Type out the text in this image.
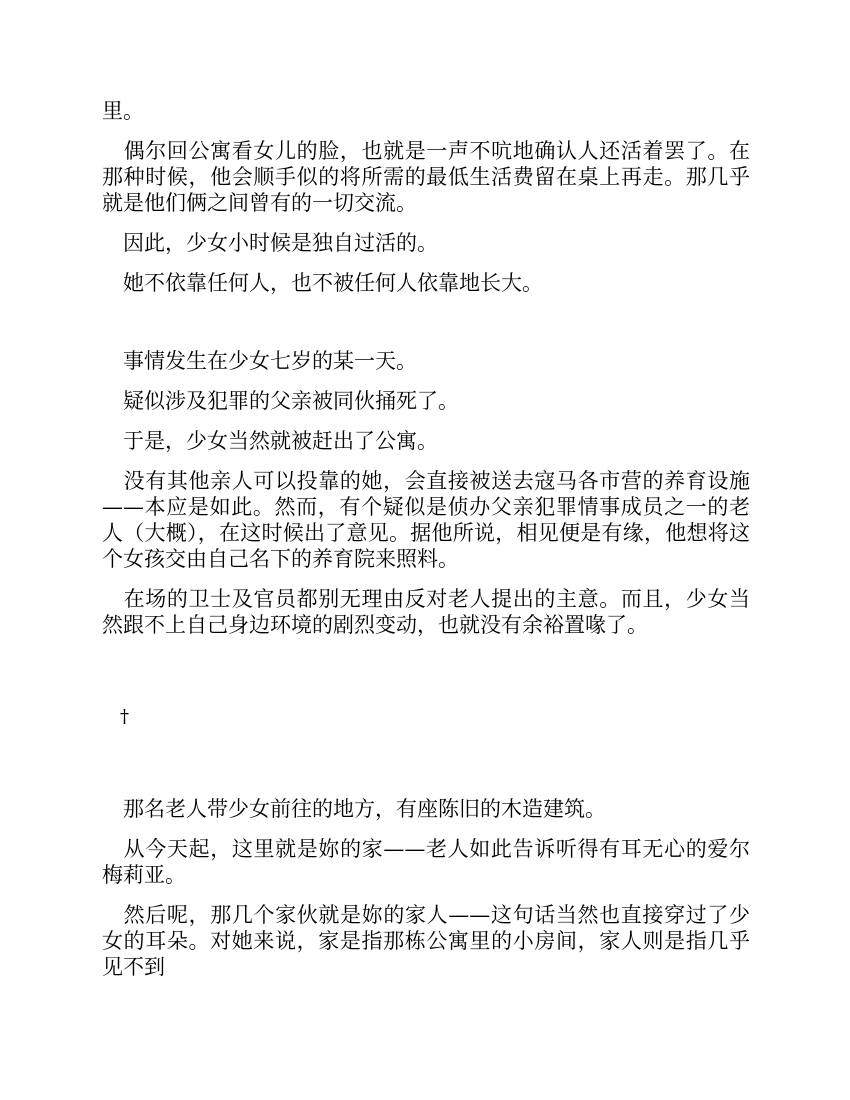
里。

　偶尔回公寓看女儿的脸，也就是一声不吭地确认人还活着罢了。在那种时候，他会顺手似的将所需的最低生活费留在桌上再走。那几乎就是他们俩之间曾有的一切交流。

　因此，少女小时候是独自过活的。

　她不依靠任何人，也不被任何人依靠地长大。

　事情发生在少女七岁的某一天。

　疑似涉及犯罪的父亲被同伙捅死了。

　于是，少女当然就被赶出了公寓。

　没有其他亲人可以投靠的她，会直接被送去寇马各市营的养育设施——本应是如此。然而，有个疑似是侦办父亲犯罪情事成员之一的老人（大概），在这时候出了意见。据他所说，相见便是有缘，他想将这个女孩交由自己名下的养育院来照料。

　在场的卫士及官员都别无理由反对老人提出的主意。而且，少女当然跟不上自己身边环境的剧烈变动，也就没有余裕置喙了。

　†

　那名老人带少女前往的地方，有座陈旧的木造建筑。

　从今天起，这里就是妳的家——老人如此告诉听得有耳无心的爱尔梅莉亚。

　然后呢，那几个家伙就是妳的家人——这句话当然也直接穿过了少女的耳朵。对她来说，家是指那栋公寓里的小房间，家人则是指几乎见不到
